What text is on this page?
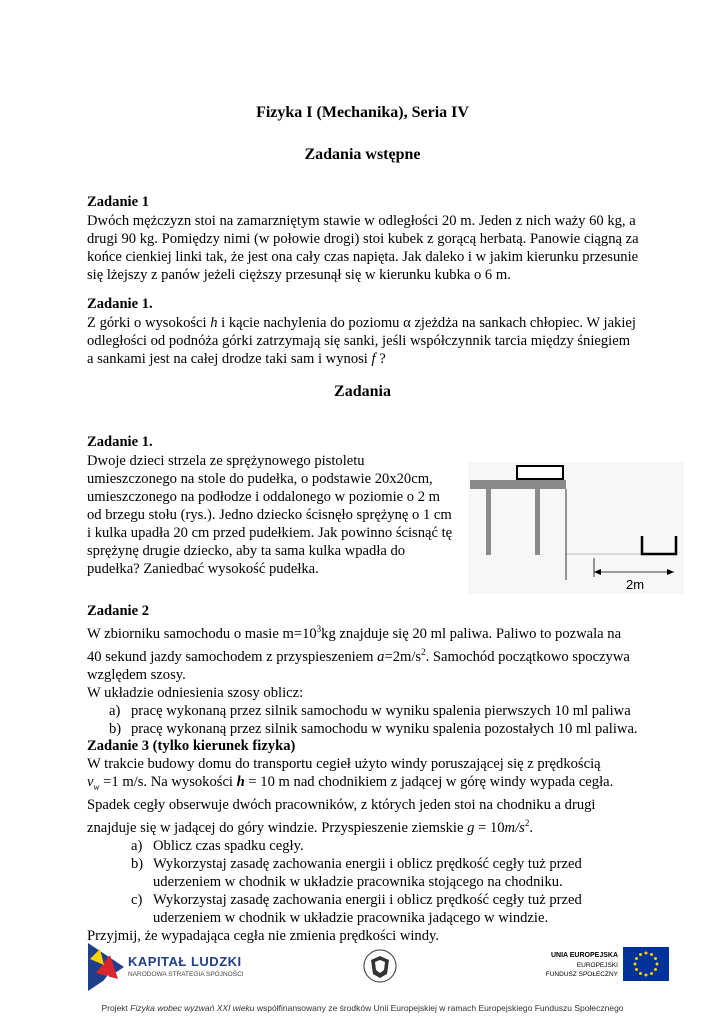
Fizyka I (Mechanika), Seria IV
Zadania wstępne
Zadanie 1
Dwóch mężczyzn stoi na zamarzniętym stawie w odległości 20 m. Jeden z nich waży 60 kg, a
drugi 90 kg. Pomiędzy nimi (w połowie drogi) stoi kubek z gorącą herbatą. Panowie ciągną za
końce cienkiej linki tak, że jest ona cały czas napięta. Jak daleko i w jakim kierunku przesunie
się lżejszy z panów jeżeli cięższy przesunął się w kierunku kubka o 6 m.
Zadanie 1.
Z górki o wysokości h i kącie nachylenia do poziomu α zjeżdża na sankach chłopiec. W jakiej
odległości od podnóża górki zatrzymają się sanki, jeśli współczynnik tarcia między śniegiem
a sankami jest na całej drodze taki sam i wynosi f ?
Zadania
Zadanie 1.
Dwoje dzieci strzela ze sprężynowego pistoletu
umieszczonego na stole do pudełka, o podstawie 20x20cm,
umieszczonego na podłodze i oddalonego w poziomie o 2 m
od brzegu stołu (rys.). Jedno dziecko ścisnęło sprężynę o 1 cm
i kulka upadła 20 cm przed pudełkiem. Jak powinno ścisnąć tę
sprężynę drugie dziecko, aby ta sama kulka wpadła do
pudełka? Zaniedbać wysokość pudełka.
2m
Zadanie 2
W zbiorniku samochodu o masie $m=10^3kg$ znajduje się 20 ml paliwa. Paliwo to pozwala na
40 sekund jazdy samochodem z przyspieszeniem $a=2m/s^2$. Samochód początkowo spoczywa
względem szosy.
W układzie odniesienia szosy oblicz:
a) pracę wykonaną przez silnik samochodu w wyniku spalenia pierwszych 10 ml paliwa
b) pracę wykonaną przez silnik samochodu w wyniku spalenia pozostałych 10 ml paliwa.
Zadanie 3 (tylko kierunek fizyka)
W trakcie budowy domu do transportu cegieł użyto windy poruszającej się z prędkością
$v_w =1$ m/s. Na wysokości h = 10 m nad chodnikiem z jadącej w górę windy wypada cegła.
Spadek cegły obserwuje dwóch pracowników, z których jeden stoi na chodniku a drugi
znajduje się w jadącej do góry windzie. Przyspieszenie ziemskie $g = 10m/s^2$.
a) Oblicz czas spadku cegły.
b) Wykorzystaj zasadę zachowania energii i oblicz prędkość cegły tuż przed
uderzeniem w chodnik w układzie pracownika stojącego na chodniku.
c) Wykorzystaj zasadę zachowania energii i oblicz prędkość cegły tuż przed
uderzeniem w chodnik w układzie pracownika jadącego w windzie.
Przyjmij, że wypadająca cegła nie zmienia prędkości windy.
KAPITAŁ LUDZKI
NARODOWA STRATEGIA SPÓJNOŚCI
UNIA EUROPEJSKA
EUROPEJSKI
FUNDUSZ SPOŁECZNY
Projekt Fizyka wobec wyzwań XXI wieku współfinansowany ze środków Unii Europejskiej w ramach Europejskiego Funduszu Społecznego
